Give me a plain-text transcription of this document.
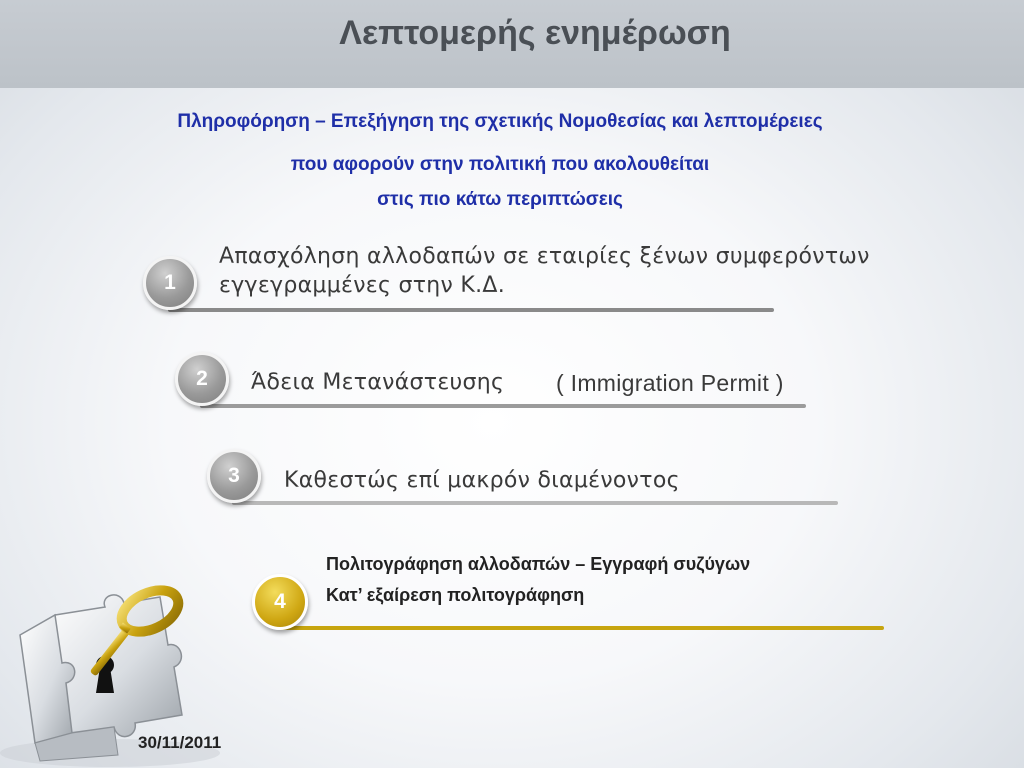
Λεπτομερής ενημέρωση
Πληροφόρηση – Επεξήγηση της σχετικής Νομοθεσίας και λεπτομέρειες
που αφορούν στην πολιτική που ακολουθείται
στις πιο κάτω περιπτώσεις
1
Απασχόληση αλλοδαπών σε εταιρίες ξένων συμφερόντων
εγγεγραμμένες στην Κ.Δ.
2	Άδεια Μετανάστευσης ( Immigration Permit )
3	Καθεστώς επί μακρόν διαμένοντος
4
Πολιτογράφηση αλλοδαπών – Εγγραφή συζύγων
Κατ’ εξαίρεση πολιτογράφηση
30/11/2011
